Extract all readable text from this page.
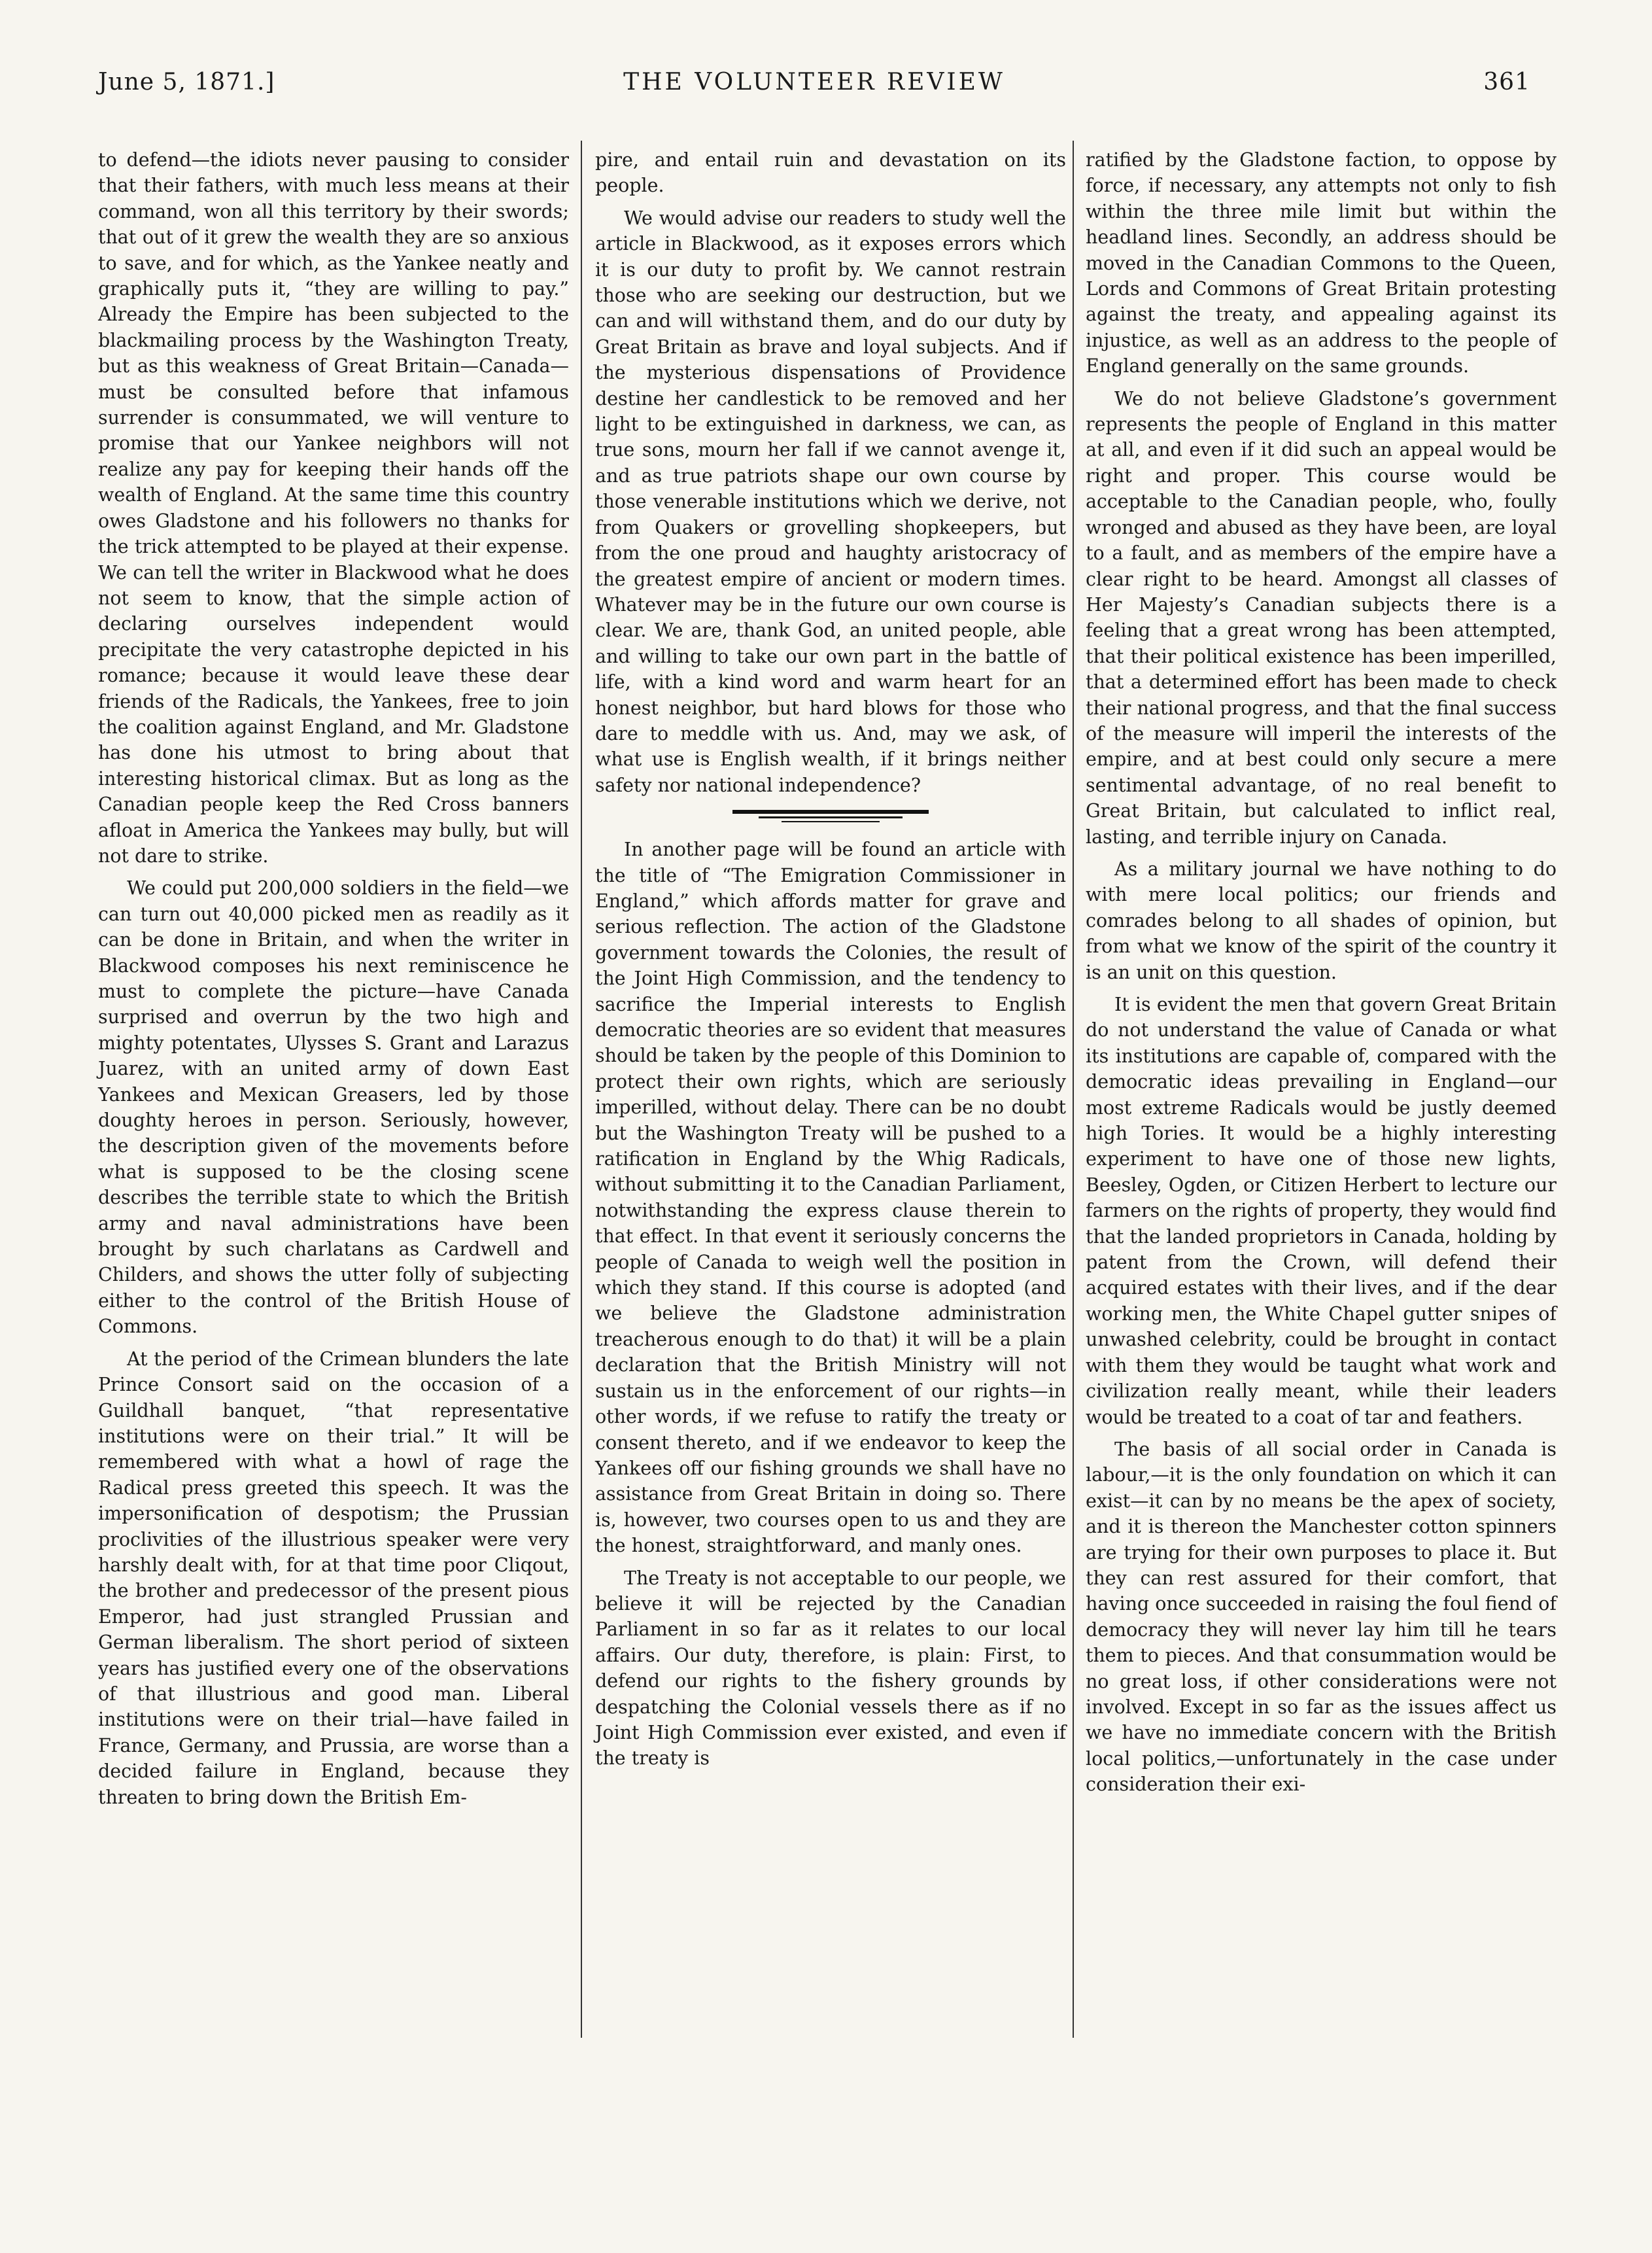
June 5, 1871.]	THE VOLUNTEER REVIEW	361

to defend—the idiots never pausing to consider that their fathers, with much less means at their command, won all this territory by their swords; that out of it grew the wealth they are so anxious to save, and for which, as the Yankee neatly and graphically puts it, “they are willing to pay.” Already the Empire has been subjected to the blackmailing process by the Washington Treaty, but as this weakness of Great Britain—Canada—must be consulted before that infamous surrender is consummated, we will venture to promise that our Yankee neighbors will not realize any pay for keeping their hands off the wealth of England. At the same time this country owes Gladstone and his followers no thanks for the trick attempted to be played at their expense. We can tell the writer in Blackwood what he does not seem to know, that the simple action of declaring ourselves independent would precipitate the very catastrophe depicted in his romance; because it would leave these dear friends of the Radicals, the Yankees, free to join the coalition against England, and Mr. Gladstone has done his utmost to bring about that interesting historical climax. But as long as the Canadian people keep the Red Cross banners afloat in America the Yankees may bully, but will not dare to strike.

We could put 200,000 soldiers in the field—we can turn out 40,000 picked men as readily as it can be done in Britain, and when the writer in Blackwood composes his next reminiscence he must to complete the picture—have Canada surprised and overrun by the two high and mighty potentates, Ulysses S. Grant and Larazus Juarez, with an united army of down East Yankees and Mexican Greasers, led by those doughty heroes in person. Seriously, however, the description given of the movements before what is supposed to be the closing scene describes the terrible state to which the British army and naval administrations have been brought by such charlatans as Cardwell and Childers, and shows the utter folly of subjecting either to the control of the British House of Commons.

At the period of the Crimean blunders the late Prince Consort said on the occasion of a Guildhall banquet, “that representative institutions were on their trial.” It will be remembered with what a howl of rage the Radical press greeted this speech. It was the impersonification of despotism; the Prussian proclivities of the illustrious speaker were very harshly dealt with, for at that time poor Cliqout, the brother and predecessor of the present pious Emperor, had just strangled Prussian and German liberalism. The short period of sixteen years has justified every one of the observations of that illustrious and good man. Liberal institutions were on their trial—have failed in France, Germany, and Prussia, are worse than a decided failure in England, because they threaten to bring down the British Em-

pire, and entail ruin and devastation on its people.

We would advise our readers to study well the article in Blackwood, as it exposes errors which it is our duty to profit by. We cannot restrain those who are seeking our destruction, but we can and will withstand them, and do our duty by Great Britain as brave and loyal subjects. And if the mysterious dispensations of Providence destine her candlestick to be removed and her light to be extinguished in darkness, we can, as true sons, mourn her fall if we cannot avenge it, and as true patriots shape our own course by those venerable institutions which we derive, not from Quakers or grovelling shopkeepers, but from the one proud and haughty aristocracy of the greatest empire of ancient or modern times. Whatever may be in the future our own course is clear. We are, thank God, an united people, able and willing to take our own part in the battle of life, with a kind word and warm heart for an honest neighbor, but hard blows for those who dare to meddle with us. And, may we ask, of what use is English wealth, if it brings neither safety nor national independence?

In another page will be found an article with the title of “The Emigration Commissioner in England,” which affords matter for grave and serious reflection. The action of the Gladstone government towards the Colonies, the result of the Joint High Commission, and the tendency to sacrifice the Imperial interests to English democratic theories are so evident that measures should be taken by the people of this Dominion to protect their own rights, which are seriously imperilled, without delay. There can be no doubt but the Washington Treaty will be pushed to a ratification in England by the Whig Radicals, without submitting it to the Canadian Parliament, notwithstanding the express clause therein to that effect. In that event it seriously concerns the people of Canada to weigh well the position in which they stand. If this course is adopted (and we believe the Gladstone administration treacherous enough to do that) it will be a plain declaration that the British Ministry will not sustain us in the enforcement of our rights—in other words, if we refuse to ratify the treaty or consent thereto, and if we endeavor to keep the Yankees off our fishing grounds we shall have no assistance from Great Britain in doing so. There is, however, two courses open to us and they are the honest, straightforward, and manly ones.

The Treaty is not acceptable to our people, we believe it will be rejected by the Canadian Parliament in so far as it relates to our local affairs. Our duty, therefore, is plain: First, to defend our rights to the fishery grounds by despatching the Colonial vessels there as if no Joint High Commission ever existed, and even if the treaty is

ratified by the Gladstone faction, to oppose by force, if necessary, any attempts not only to fish within the three mile limit but within the headland lines. Secondly, an address should be moved in the Canadian Commons to the Queen, Lords and Commons of Great Britain protesting against the treaty, and appealing against its injustice, as well as an address to the people of England generally on the same grounds.

We do not believe Gladstone’s government represents the people of England in this matter at all, and even if it did such an appeal would be right and proper. This course would be acceptable to the Canadian people, who, foully wronged and abused as they have been, are loyal to a fault, and as members of the empire have a clear right to be heard. Amongst all classes of Her Majesty’s Canadian subjects there is a feeling that a great wrong has been attempted, that their political existence has been imperilled, that a determined effort has been made to check their national progress, and that the final success of the measure will imperil the interests of the empire, and at best could only secure a mere sentimental advantage, of no real benefit to Great Britain, but calculated to inflict real, lasting, and terrible injury on Canada.

As a military journal we have nothing to do with mere local politics; our friends and comrades belong to all shades of opinion, but from what we know of the spirit of the country it is an unit on this question.

It is evident the men that govern Great Britain do not understand the value of Canada or what its institutions are capable of, compared with the democratic ideas prevailing in England—our most extreme Radicals would be justly deemed high Tories. It would be a highly interesting experiment to have one of those new lights, Beesley, Ogden, or Citizen Herbert to lecture our farmers on the rights of property, they would find that the landed proprietors in Canada, holding by patent from the Crown, will defend their acquired estates with their lives, and if the dear working men, the White Chapel gutter snipes of unwashed celebrity, could be brought in contact with them they would be taught what work and civilization really meant, while their leaders would be treated to a coat of tar and feathers.

The basis of all social order in Canada is labour,—it is the only foundation on which it can exist—it can by no means be the apex of society, and it is thereon the Manchester cotton spinners are trying for their own purposes to place it. But they can rest assured for their comfort, that having once succeeded in raising the foul fiend of democracy they will never lay him till he tears them to pieces. And that consummation would be no great loss, if other considerations were not involved. Except in so far as the issues affect us we have no immediate concern with the British local politics,—unfortunately in the case under consideration their exi-
